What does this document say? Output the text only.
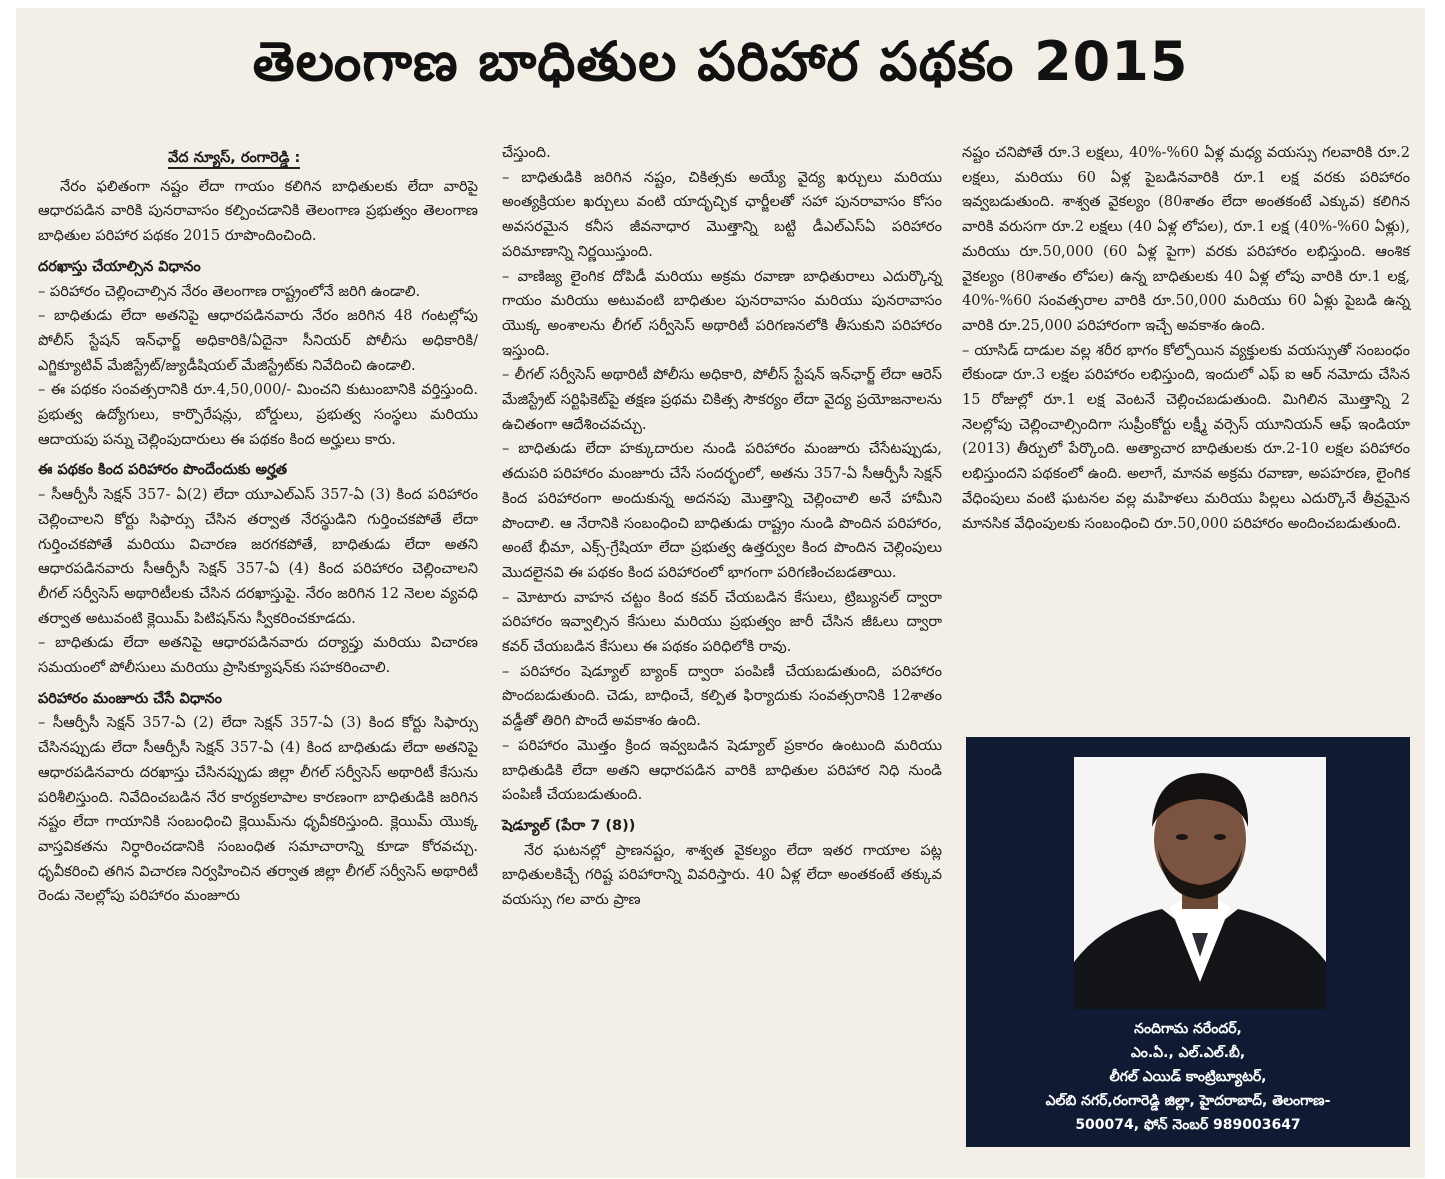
తెలంగాణ బాధితుల పరిహార పథకం 2015
వేద న్యూస్, రంగారెడ్డి :

నేరం ఫలితంగా నష్టం లేదా గాయం కలిగిన బాధితులకు లేదా వారిపై ఆధారపడిన వారికి పునరావాసం కల్పించడానికి తెలంగాణ ప్రభుత్వం తెలంగాణ బాధితుల పరిహార పథకం 2015 రూపొందించింది.

దరఖాస్తు చేయాల్సిన విధానం

– పరిహారం చెల్లించాల్సిన నేరం తెలంగాణ రాష్ట్రంలోనే జరిగి ఉండాలి.

– బాధితుడు లేదా అతనిపై ఆధారపడినవారు నేరం జరిగిన 48 గంటల్లోపు పోలీస్ స్టేషన్ ఇన్‌ఛార్జ్ అధికారికి/ఏదైనా సీనియర్ పోలీసు అధికారికి/ఎగ్జిక్యూటివ్ మేజిస్ట్రేట్/జ్యుడీషియల్ మేజిస్ట్రేట్‌కు నివేదించి ఉండాలి.

– ఈ పథకం సంవత్సరానికి రూ.4,50,000/- మించని కుటుంబానికి వర్తిస్తుంది. ప్రభుత్వ ఉద్యోగులు, కార్పొరేషన్లు, బోర్డులు, ప్రభుత్వ సంస్థలు మరియు ఆదాయపు పన్ను చెల్లింపుదారులు ఈ పథకం కింద అర్హులు కారు.

ఈ పథకం కింద పరిహారం పొందేందుకు అర్హత

– సీఆర్పీసీ సెక్షన్ 357- ఏ(2) లేదా యూఎల్ఎస్ 357-ఏ (3) కింద పరిహారం చెల్లించాలని కోర్టు సిఫార్సు చేసిన తర్వాత నేరస్థుడిని గుర్తించకపోతే లేదా గుర్తించకపోతే మరియు విచారణ జరగకపోతే, బాధితుడు లేదా అతని ఆధారపడినవారు సీఆర్పీసీ సెక్షన్ 357-ఏ (4) కింద పరిహారం చెల్లించాలని లీగల్ సర్వీసెస్ అథారిటీలకు చేసిన దరఖాస్తుపై. నేరం జరిగిన 12 నెలల వ్యవధి తర్వాత అటువంటి క్లెయిమ్ పిటిషన్‌ను స్వీకరించకూడదు.

– బాధితుడు లేదా అతనిపై ఆధారపడినవారు దర్యాప్తు మరియు విచారణ సమయంలో పోలీసులు మరియు ప్రాసిక్యూషన్‌కు సహకరించాలి.

పరిహారం మంజూరు చేసే విధానం

– సీఆర్పీసీ సెక్షన్ 357-ఏ (2) లేదా సెక్షన్ 357-ఏ (3) కింద కోర్టు సిఫార్సు చేసినప్పుడు లేదా సీఆర్పీసీ సెక్షన్ 357-ఏ (4) కింద బాధితుడు లేదా అతనిపై ఆధారపడినవారు దరఖాస్తు చేసినప్పుడు జిల్లా లీగల్ సర్వీసెస్ అథారిటీ కేసును పరిశీలిస్తుంది. నివేదించబడిన నేర కార్యకలాపాల కారణంగా బాధితుడికి జరిగిన నష్టం లేదా గాయానికి సంబంధించి క్లెయిమ్‌ను ధృవీకరిస్తుంది. క్లెయిమ్ యొక్క వాస్తవికతను నిర్ధారించడానికి సంబంధిత సమాచారాన్ని కూడా కోరవచ్చు. ధృవీకరించి తగిన విచారణ నిర్వహించిన తర్వాత జిల్లా లీగల్ సర్వీసెస్ అథారిటీ రెండు నెలల్లోపు పరిహారం మంజూరు

చేస్తుంది.

– బాధితుడికి జరిగిన నష్టం, చికిత్సకు అయ్యే వైద్య ఖర్చులు మరియు అంత్యక్రియల ఖర్చులు వంటి యాదృచ్ఛిక ఛార్జీలతో సహా పునరావాసం కోసం అవసరమైన కనీస జీవనాధార మొత్తాన్ని బట్టి డీఎల్ఎస్ఏ పరిహారం పరిమాణాన్ని నిర్ణయిస్తుంది.

– వాణిజ్య లైంగిక దోపిడీ మరియు అక్రమ రవాణా బాధితురాలు ఎదుర్కొన్న గాయం మరియు అటువంటి బాధితుల పునరావాసం మరియు పునరావాసం యొక్క అంశాలను లీగల్ సర్వీసెస్ అథారిటీ పరిగణనలోకి తీసుకుని పరిహారం ఇస్తుంది.

– లీగల్ సర్వీసెస్ అథారిటీ పోలీసు అధికారి, పోలీస్ స్టేషన్ ఇన్‌ఛార్జ్ లేదా ఆరెస్ మేజిస్ట్రేట్ సర్టిఫికెట్‌పై తక్షణ ప్రథమ చికిత్స సౌకర్యం లేదా వైద్య ప్రయోజనాలను ఉచితంగా ఆదేశించవచ్చు.

– బాధితుడు లేదా హక్కుదారుల నుండి పరిహారం మంజూరు చేసేటప్పుడు, తదుపరి పరిహారం మంజూరు చేసే సందర్భంలో, అతను 357-ఏ సీఆర్పీసీ సెక్షన్ కింద పరిహారంగా అందుకున్న అదనపు మొత్తాన్ని చెల్లించాలి అనే హామీని పొందాలి. ఆ నేరానికి సంబంధించి బాధితుడు రాష్ట్రం నుండి పొందిన పరిహారం, అంటే భీమా, ఎక్స్-గ్రేషియా లేదా ప్రభుత్వ ఉత్తర్వుల కింద పొందిన చెల్లింపులు మొదలైనవి ఈ పథకం కింద పరిహారంలో భాగంగా పరిగణించబడతాయి.

– మోటారు వాహన చట్టం కింద కవర్ చేయబడిన కేసులు, ట్రిబ్యునల్ ద్వారా పరిహారం ఇవ్వాల్సిన కేసులు మరియు ప్రభుత్వం జారీ చేసిన జీఓలు ద్వారా కవర్ చేయబడిన కేసులు ఈ పథకం పరిధిలోకి రావు.

– పరిహారం షెడ్యూల్ బ్యాంక్ ద్వారా పంపిణీ చేయబడుతుంది, పరిహారం పొందబడుతుంది. చెడు, బాధించే, కల్పిత ఫిర్యాదుకు సంవత్సరానికి 12శాతం వడ్డీతో తిరిగి పొందే అవకాశం ఉంది.

– పరిహారం మొత్తం క్రింద ఇవ్వబడిన షెడ్యూల్ ప్రకారం ఉంటుంది మరియు బాధితుడికి లేదా అతని ఆధారపడిన వారికి బాధితుల పరిహార నిధి నుండి పంపిణీ చేయబడుతుంది.

షెడ్యూల్ (పేరా 7 (8))

నేర ఘటనల్లో ప్రాణనష్టం, శాశ్వత వైకల్యం లేదా ఇతర గాయాల పట్ల బాధితులకిచ్చే గరిష్ట పరిహారాన్ని వివరిస్తారు. 40 ఏళ్ల లేదా అంతకంటే తక్కువ వయస్సు గల వారు ప్రాణ

నష్టం చనిపోతే రూ.3 లక్షలు, 40%-%60 ఏళ్ల మధ్య వయస్సు గలవారికి రూ.2 లక్షలు, మరియు 60 ఏళ్ల పైబడినవారికి రూ.1 లక్ష వరకు పరిహారం ఇవ్వబడుతుంది. శాశ్వత వైకల్యం (80శాతం లేదా అంతకంటే ఎక్కువ) కలిగిన వారికి వరుసగా రూ.2 లక్షలు (40 ఏళ్ల లోపల), రూ.1 లక్ష (40%-%60 ఏళ్లు), మరియు రూ.50,000 (60 ఏళ్ల పైగా) వరకు పరిహారం లభిస్తుంది. ఆంశిక వైకల్యం (80శాతం లోపల) ఉన్న బాధితులకు 40 ఏళ్ల లోపు వారికి రూ.1 లక్ష, 40%-%60 సంవత్సరాల వారికి రూ.50,000 మరియు 60 ఏళ్లు పైబడి ఉన్న వారికి రూ.25,000 పరిహారంగా ఇచ్చే అవకాశం ఉంది.

– యాసిడ్ దాడుల వల్ల శరీర భాగం కోల్పోయిన వ్యక్తులకు వయస్సుతో సంబంధం లేకుండా రూ.3 లక్షల పరిహారం లభిస్తుంది, ఇందులో ఎఫ్ ఐ ఆర్ నమోదు చేసిన 15 రోజుల్లో రూ.1 లక్ష వెంటనే చెల్లించబడుతుంది. మిగిలిన మొత్తాన్ని 2 నెలల్లోపు చెల్లించాల్సిందిగా సుప్రీంకోర్టు లక్ష్మీ వర్సెస్ యూనియన్ ఆఫ్ ఇండియా (2013) తీర్పులో పేర్కొంది. అత్యాచార బాధితులకు రూ.2-10 లక్షల పరిహారం లభిస్తుందని పథకంలో ఉంది. అలాగే, మానవ అక్రమ రవాణా, అపహరణ, లైంగిక వేధింపులు వంటి ఘటనల వల్ల మహిళలు మరియు పిల్లలు ఎదుర్కొనే తీవ్రమైన మానసిక వేధింపులకు సంబంధించి రూ.50,000 పరిహారం అందించబడుతుంది.

నందిగామ నరేందర్,
ఎం.ఏ., ఎల్.ఎల్.బీ,
లీగల్ ఎయిడ్ కాంట్రిబ్యూటర్,
ఎల్‌బి నగర్,రంగారెడ్డి జిల్లా, హైదరాబాద్, తెలంగాణ-
500074, ఫోన్ నెంబర్ 989003647
